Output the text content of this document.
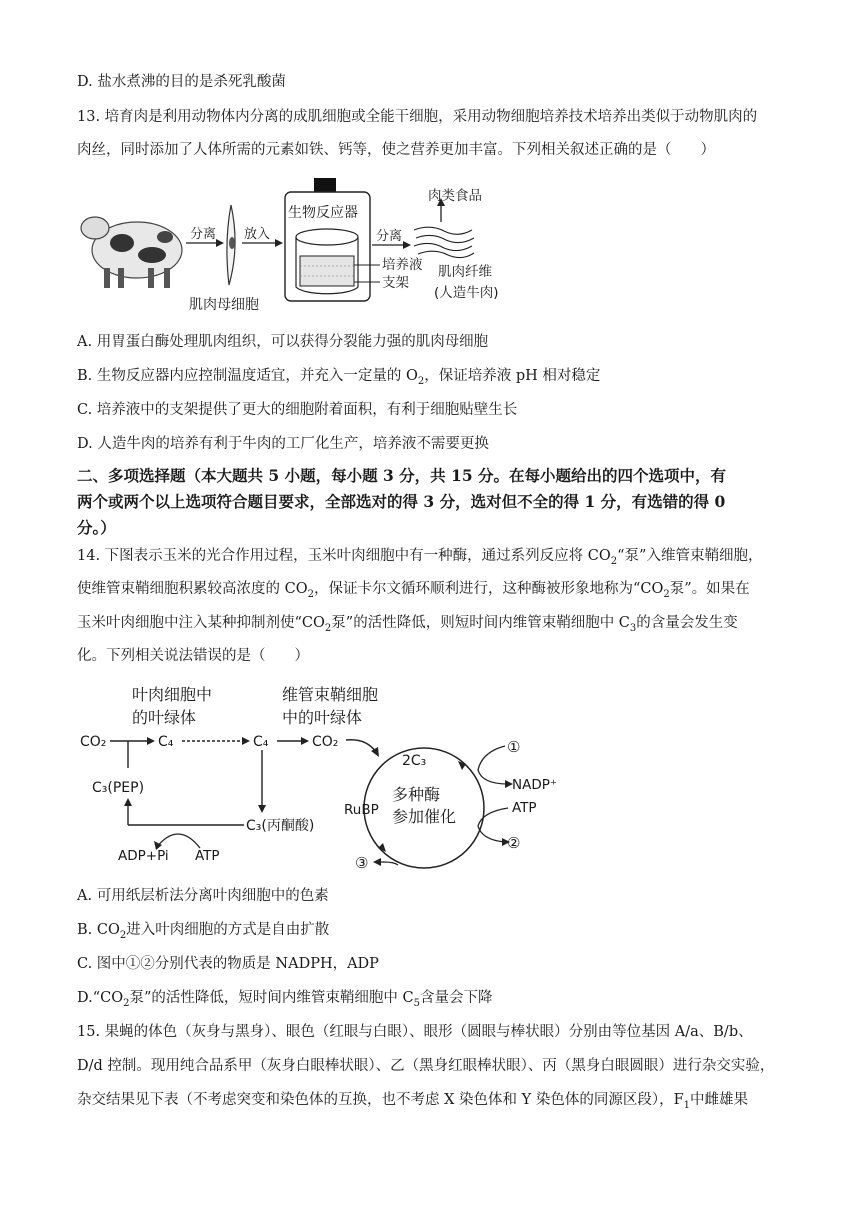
D. 盐水煮沸的目的是杀死乳酸菌
13. 培育肉是利用动物体内分离的成肌细胞或全能干细胞，采用动物细胞培养技术培养出类似于动物肌肉的
肉丝，同时添加了人体所需的元素如铁、钙等，使之营养更加丰富。下列相关叙述正确的是（　　）
分离 放入
生物反应器
分离
培养液
支架
肉类食品
肌肉纤维
(人造牛肉)
肌肉母细胞
A. 用胃蛋白酶处理肌肉组织，可以获得分裂能力强的肌肉母细胞
B. 生物反应器内应控制温度适宜，并充入一定量的 $O_2$，保证培养液 pH 相对稳定
C. 培养液中的支架提供了更大的细胞附着面积，有利于细胞贴壁生长
D. 人造牛肉的培养有利于牛肉的工厂化生产，培养液不需要更换
二、多项选择题（本大题共 5 小题，每小题 3 分，共 15 分。在每小题给出的四个选项中，有
两个或两个以上选项符合题目要求，全部选对的得 3 分，选对但不全的得 1 分，有选错的得 0
分。）
14. 下图表示玉米的光合作用过程，玉米叶肉细胞中有一种酶，通过系列反应将 $CO_2“$泵”入维管束鞘细胞，
使维管束鞘细胞积累较高浓度的 $CO_2$，保证卡尔文循环顺利进行，这种酶被形象地称为“$CO_2$泵”。如果在
玉米叶肉细胞中注入某种抑制剂使“$CO_2$泵”的活性降低，则短时间内维管束鞘细胞中 $C_3$的含量会发生变
化。下列相关说法错误的是（　　）
叶肉细胞中
的叶绿体
维管束鞘细胞
中的叶绿体
CO₂	C₄	C₄	CO₂
C₃(丙酮酸)
C₃(PEP)
ADP+Pi ATP
2C₃
RuBP
多种酶
参加催化
①
NADP⁺
ATP
②
③
A. 可用纸层析法分离叶肉细胞中的色素
B. $CO_2$进入叶肉细胞的方式是自由扩散
C. 图中①②分别代表的物质是 NADPH，ADP
$D.“CO_2$泵”的活性降低，短时间内维管束鞘细胞中 $C_5$含量会下降
15. 果蝇的体色（灰身与黑身）、眼色（红眼与白眼）、眼形（圆眼与棒状眼）分别由等位基因 A/a、B/b、
D/d 控制。现用纯合品系甲（灰身白眼棒状眼）、乙（黑身红眼棒状眼）、丙（黑身白眼圆眼）进行杂交实验，
杂交结果见下表（不考虑突变和染色体的互换，也不考虑 X 染色体和 Y 染色体的同源区段），$F_1$中雌雄果
